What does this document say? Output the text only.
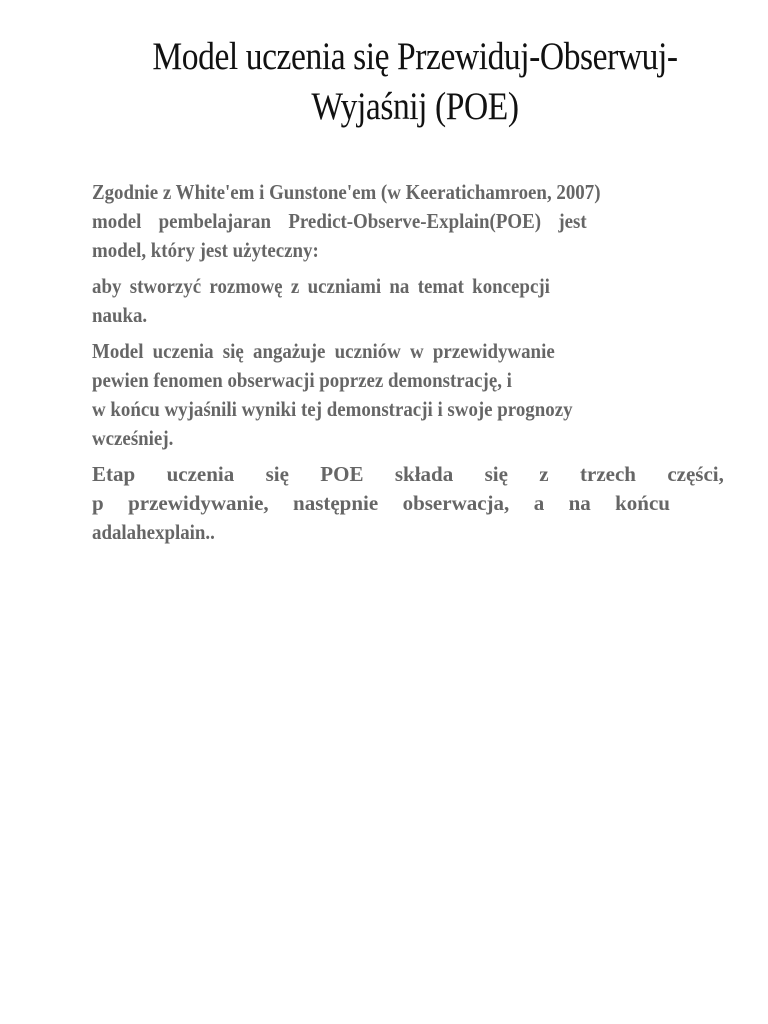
Model uczenia się Przewiduj-Obserwuj-
Wyjaśnij (POE)
Zgodnie z White'em i Gunstone'em (w Keeratichamroen, 2007)
model pembelajaran Predict-Observe-Explain(POE) jest
model, który jest użyteczny:
aby stworzyć rozmowę z uczniami na temat koncepcji
nauka.
Model uczenia się angażuje uczniów w przewidywanie
pewien fenomen obserwacji poprzez demonstrację, i
w końcu wyjaśnili wyniki tej demonstracji i swoje prognozy
wcześniej.
Etap uczenia się POE składa się z trzech części,
p przewidywanie, następnie obserwacja, a na końcu
adalahexplain..
